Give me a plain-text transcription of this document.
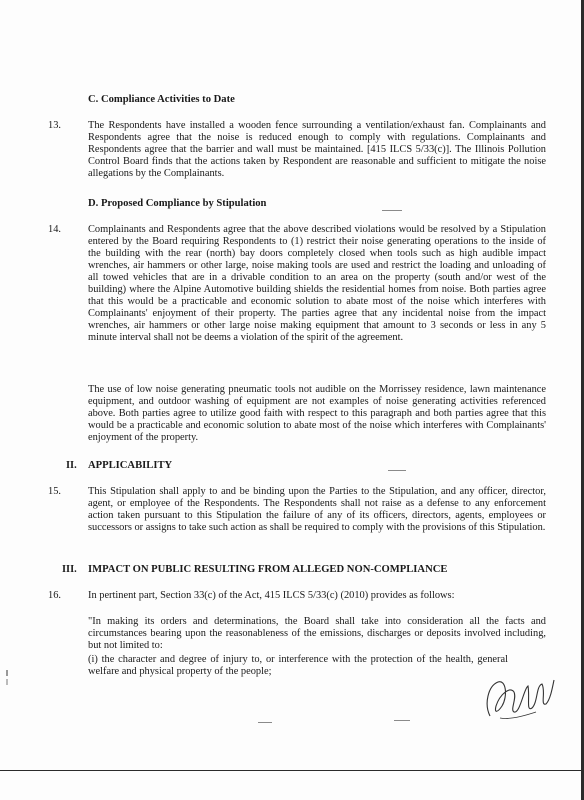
C. Compliance Activities to Date
13.	The Respondents have installed a wooden fence surrounding a ventilation/exhaust fan. Complainants and Respondents agree that the noise is reduced enough to comply with regulations. Complainants and Respondents agree that the barrier and wall must be maintained. [415 ILCS 5/33(c)]. The Illinois Pollution Control Board finds that the actions taken by Respondent are reasonable and sufficient to mitigate the noise allegations by the Complainants.
D. Proposed Compliance by Stipulation
14.	Complainants and Respondents agree that the above described violations would be resolved by a Stipulation entered by the Board requiring Respondents to (1) restrict their noise generating operations to the inside of the building with the rear (north) bay doors completely closed when tools such as high audible impact wrenches, air hammers or other large, noise making tools are used and restrict the loading and unloading of all towed vehicles that are in a drivable condition to an area on the property (south and/or west of the building) where the Alpine Automotive building shields the residential homes from noise. Both parties agree that this would be a practicable and economic solution to abate most of the noise which interferes with Complainants' enjoyment of their property. The parties agree that any incidental noise from the impact wrenches, air hammers or other large noise making equipment that amount to 3 seconds or less in any 5 minute interval shall not be deems a violation of the spirit of the agreement.
The use of low noise generating pneumatic tools not audible on the Morrissey residence, lawn maintenance equipment, and outdoor washing of equipment are not examples of noise generating activities referenced above. Both parties agree to utilize good faith with respect to this paragraph and both parties agree that this would be a practicable and economic solution to abate most of the noise which interferes with Complainants' enjoyment of the property.
II. APPLICABILITY
15.	This Stipulation shall apply to and be binding upon the Parties to the Stipulation, and any officer, director, agent, or employee of the Respondents. The Respondents shall not raise as a defense to any enforcement action taken pursuant to this Stipulation the failure of any of its officers, directors, agents, employees or successors or assigns to take such action as shall be required to comply with the provisions of this Stipulation.
III. IMPACT ON PUBLIC RESULTING FROM ALLEGED NON-COMPLIANCE
16.	In pertinent part, Section 33(c) of the Act, 415 ILCS 5/33(c) (2010) provides as follows:
"In making its orders and determinations, the Board shall take into consideration all the facts and circumstances bearing upon the reasonableness of the emissions, discharges or deposits involved including, but not limited to:
(i) the character and degree of injury to, or interference with the protection of the health, general welfare and physical property of the people;
